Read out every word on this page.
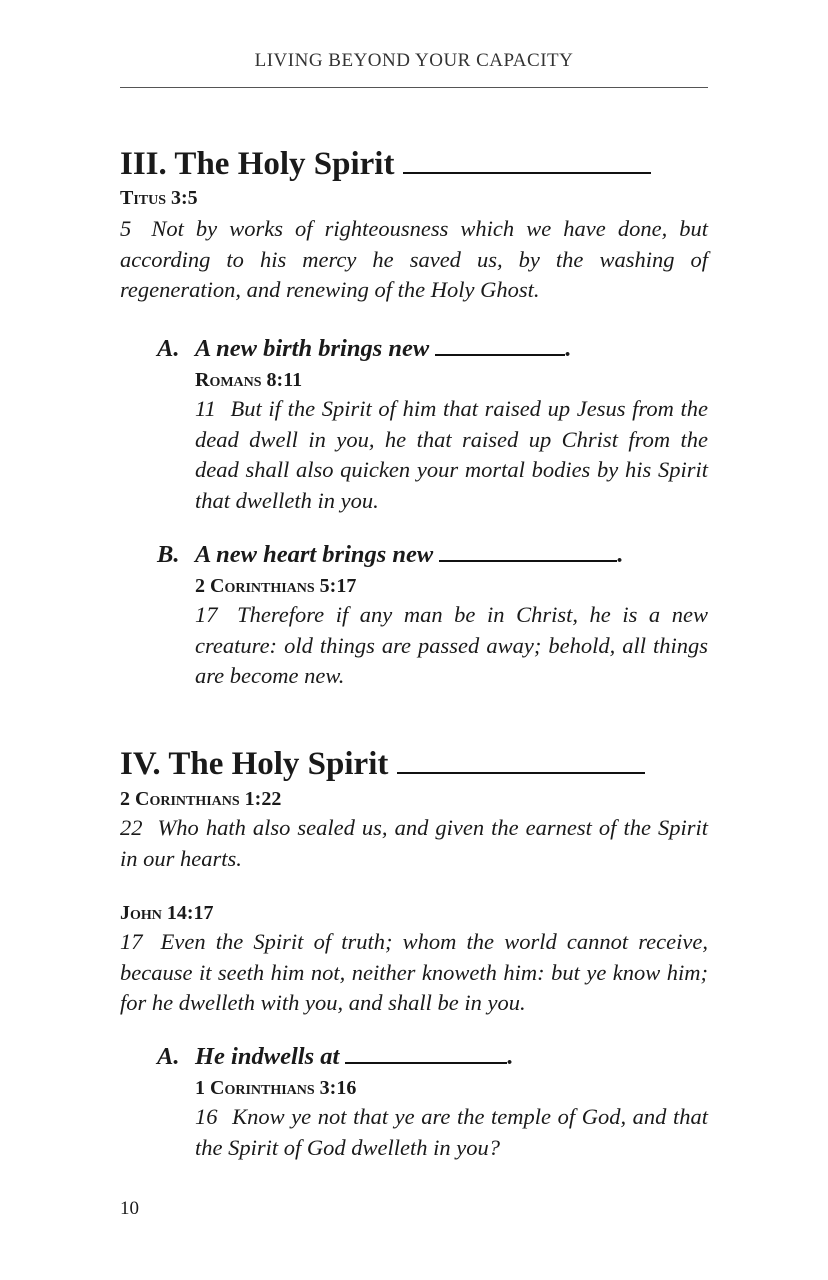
LIVING BEYOND YOUR CAPACITY
III. The Holy Spirit
Titus 3:5
5 Not by works of righteousness which we have done, but according to his mercy he saved us, by the washing of regeneration, and renewing of the Holy Ghost.
A. A new birth brings new	.
Romans 8:11
11 But if the Spirit of him that raised up Jesus from the dead dwell in you, he that raised up Christ from the dead shall also quicken your mortal bodies by his Spirit that dwelleth in you.
B. A new heart brings new	.
2 Corinthians 5:17
17 Therefore if any man be in Christ, he is a new creature: old things are passed away; behold, all things are become new.
IV. The Holy Spirit
2 Corinthians 1:22
22 Who hath also sealed us, and given the earnest of the Spirit in our hearts.
John 14:17
17 Even the Spirit of truth; whom the world cannot receive, because it seeth him not, neither knoweth him: but ye know him; for he dwelleth with you, and shall be in you.
A. He indwells at	.
1 Corinthians 3:16
16 Know ye not that ye are the temple of God, and that the Spirit of God dwelleth in you?
10
